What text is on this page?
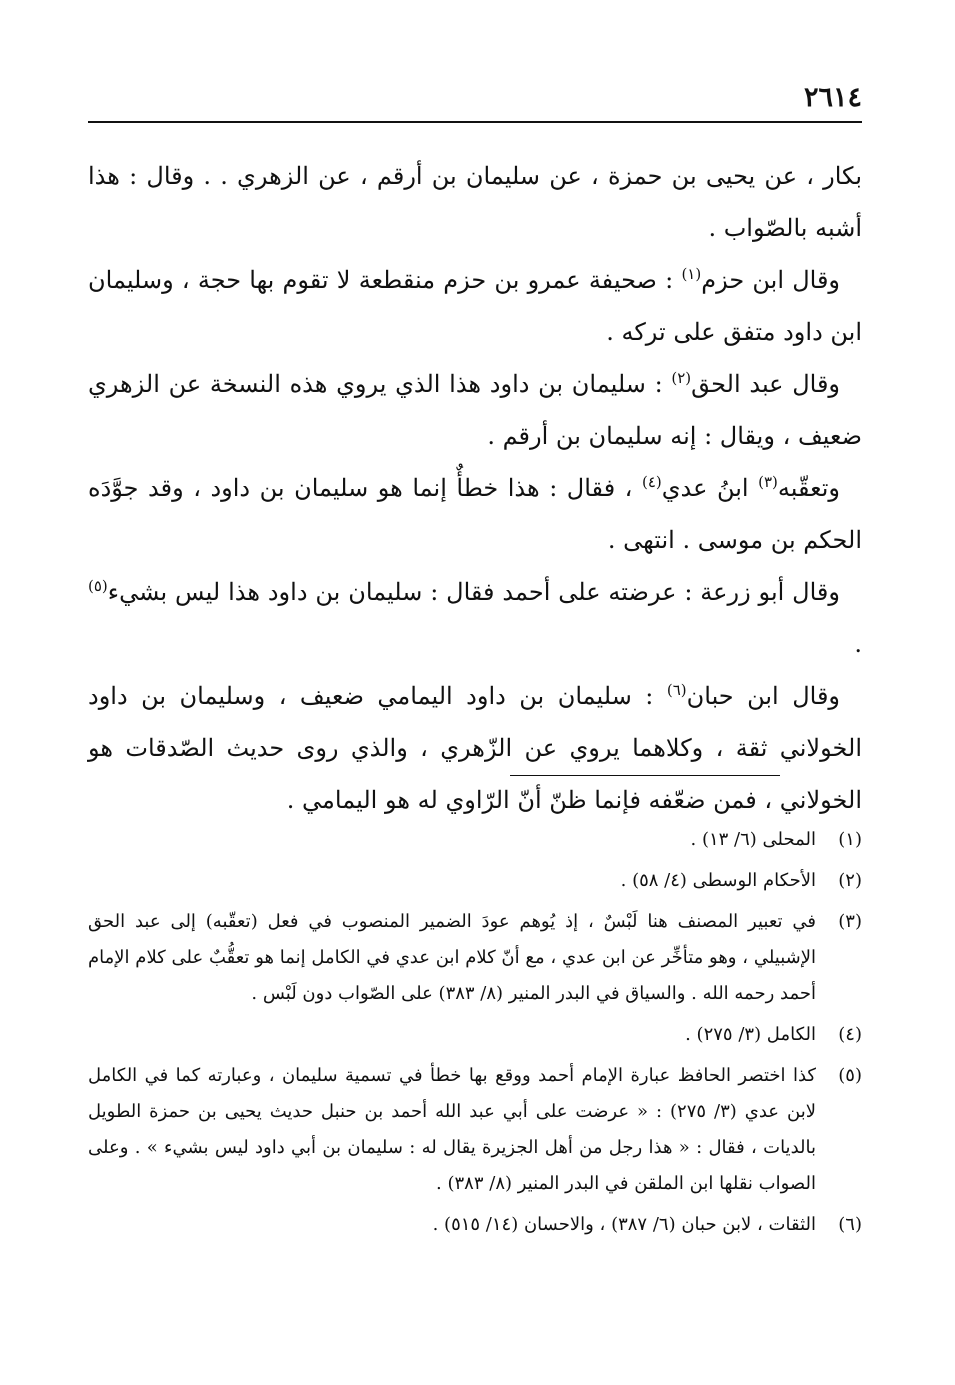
٢٦١٤

بكار ، عن يحيى بن حمزة ، عن سليمان بن أرقم ، عن الزهري . . وقال : هذا أشبه بالصّواب .

وقال ابن حزم$^{(١)}$ : صحيفة عمرو بن حزم منقطعة لا تقوم بها حجة ، وسليمان ابن داود متفق على تركه .

وقال عبد الحق$^{(٢)}$ : سليمان بن داود هذا الذي يروي هذه النسخة عن الزهري ضعيف ، ويقال : إنه سليمان بن أرقم .

وتعقّبه$^{(٣)}$ ابنُ عدي$^{(٤)}$ ، فقال : هذا خطأٌ إنما هو سليمان بن داود ، وقد جوَّدَه الحكم بن موسى . انتهى .

وقال أبو زرعة : عرضته على أحمد فقال : سليمان بن داود هذا ليس بشيء$^{(٥)}$ .

وقال ابن حبان$^{(٦)}$ : سليمان بن داود اليمامي ضعيف ، وسليمان بن داود الخولاني ثقة ، وكلاهما يروي عن الزّهري ، والذي روى حديث الصّدقات هو الخولاني ، فمن ضعّفه فإنما ظنّ أنّ الرّاوي له هو اليمامي .

(١)
المحلى (٦/ ١٣) .
(٢)
الأحكام الوسطى (٤/ ٥٨) .
(٣)
في تعبير المصنف هنا لَبْسٌ ، إذ يُوهم عودَ الضمير المنصوب في فعل (تعقّبه) إلى عبد الحق الإشبيلي ، وهو متأخِّر عن ابن عدي ، مع أنّ كلام ابن عدي في الكامل إنما هو تعقُّبٌ على كلام الإمام أحمد رحمه الله . والسياق في البدر المنير (٨/ ٣٨٣) على الصّواب دون لَبْس .
(٤)
الكامل (٣/ ٢٧٥) .
(٥)
كذا اختصر الحافظ عبارة الإمام أحمد ووقع بها خطأ في تسمية سليمان ، وعبارته كما في الكامل لابن عدي (٣/ ٢٧٥) : « عرضت على أبي عبد الله أحمد بن حنبل حديث يحيى بن حمزة الطويل بالديات ، فقال : « هذا رجل من أهل الجزيرة يقال له : سليمان بن أبي داود ليس بشيء » . وعلى الصواب نقلها ابن الملقن في البدر المنير (٨/ ٣٨٣) .
(٦)
الثقات ، لابن حبان (٦/ ٣٨٧) ، والاحسان (١٤/ ٥١٥) .
